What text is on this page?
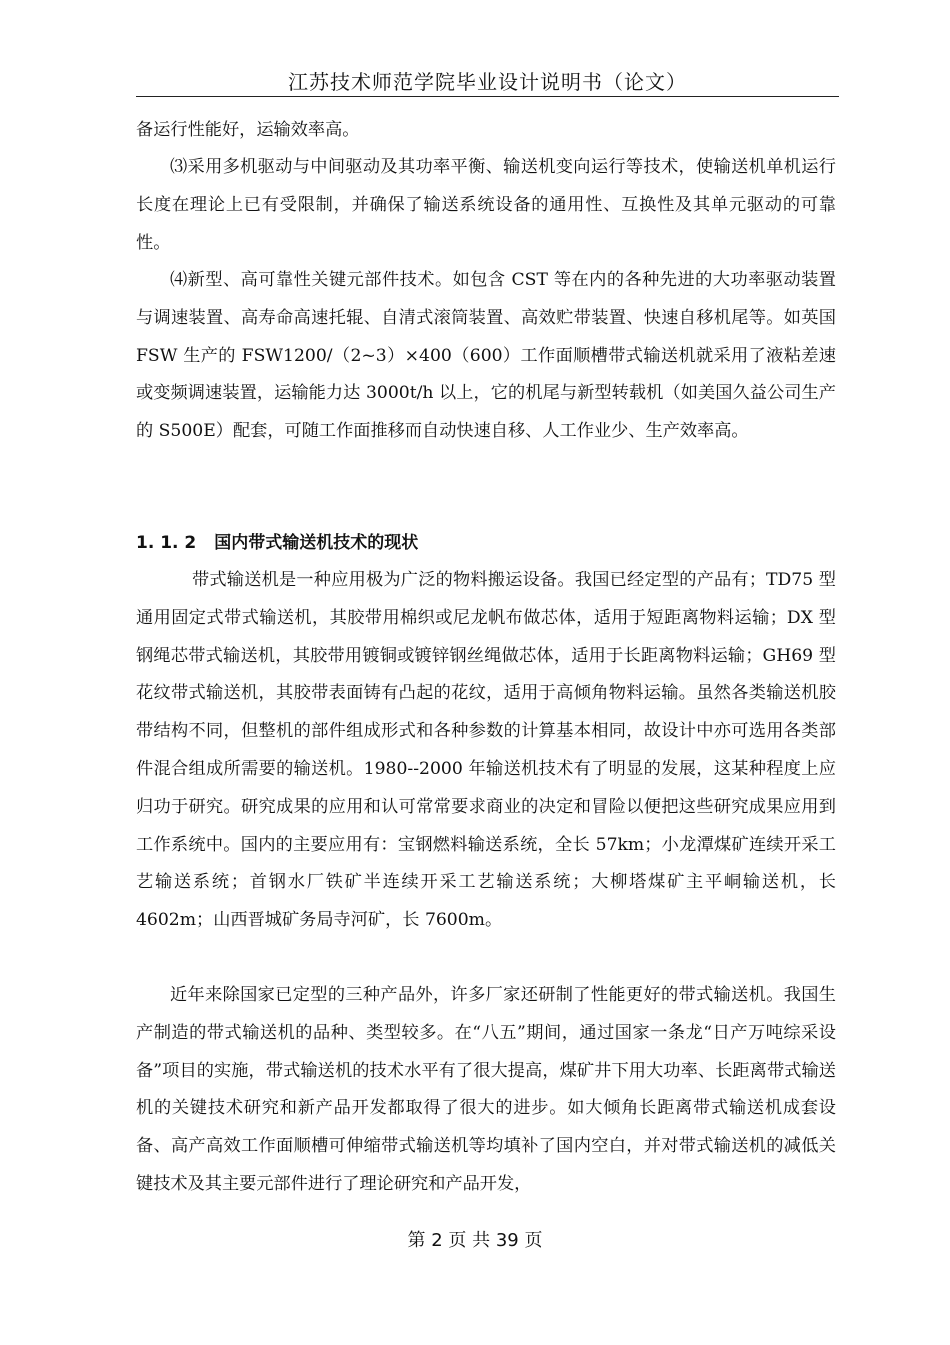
江苏技术师范学院毕业设计说明书（论文）

备运行性能好，运输效率高。

⑶采用多机驱动与中间驱动及其功率平衡、输送机变向运行等技术，使输送机单机运行长度在理论上已有受限制，并确保了输送系统设备的通用性、互换性及其单元驱动的可靠性。

⑷新型、高可靠性关键元部件技术。如包含 CST 等在内的各种先进的大功率驱动装置与调速装置、高寿命高速托辊、自清式滚筒装置、高效贮带装置、快速自移机尾等。如英国 FSW 生产的 FSW1200/（2~3）×400（600）工作面顺槽带式输送机就采用了液粘差速或变频调速装置，运输能力达 3000t/h 以上，它的机尾与新型转载机（如美国久益公司生产的 S500E）配套，可随工作面推移而自动快速自移、人工作业少、生产效率高。

1. 1. 2 国内带式输送机技术的现状

带式输送机是一种应用极为广泛的物料搬运设备。我国已经定型的产品有；TD75 型通用固定式带式输送机，其胶带用棉织或尼龙帆布做芯体，适用于短距离物料运输；DX 型钢绳芯带式输送机，其胶带用镀铜或镀锌钢丝绳做芯体，适用于长距离物料运输；GH69 型花纹带式输送机，其胶带表面铸有凸起的花纹，适用于高倾角物料运输。虽然各类输送机胶带结构不同，但整机的部件组成形式和各种参数的计算基本相同，故设计中亦可选用各类部件混合组成所需要的输送机。1980--2000 年输送机技术有了明显的发展，这某种程度上应归功于研究。研究成果的应用和认可常常要求商业的决定和冒险以便把这些研究成果应用到工作系统中。国内的主要应用有：宝钢燃料输送系统，全长 57km；小龙潭煤矿连续开采工艺输送系统；首钢水厂铁矿半连续开采工艺输送系统；大柳塔煤矿主平峒输送机，长 4602m；山西晋城矿务局寺河矿，长 7600m。

近年来除国家已定型的三种产品外，许多厂家还研制了性能更好的带式输送机。我国生产制造的带式输送机的品种、类型较多。在“八五”期间，通过国家一条龙“日产万吨综采设备”项目的实施，带式输送机的技术水平有了很大提高，煤矿井下用大功率、长距离带式输送机的关键技术研究和新产品开发都取得了很大的进步。如大倾角长距离带式输送机成套设备、高产高效工作面顺槽可伸缩带式输送机等均填补了国内空白，并对带式输送机的减低关键技术及其主要元部件进行了理论研究和产品开发，

第 2 页 共 39 页
